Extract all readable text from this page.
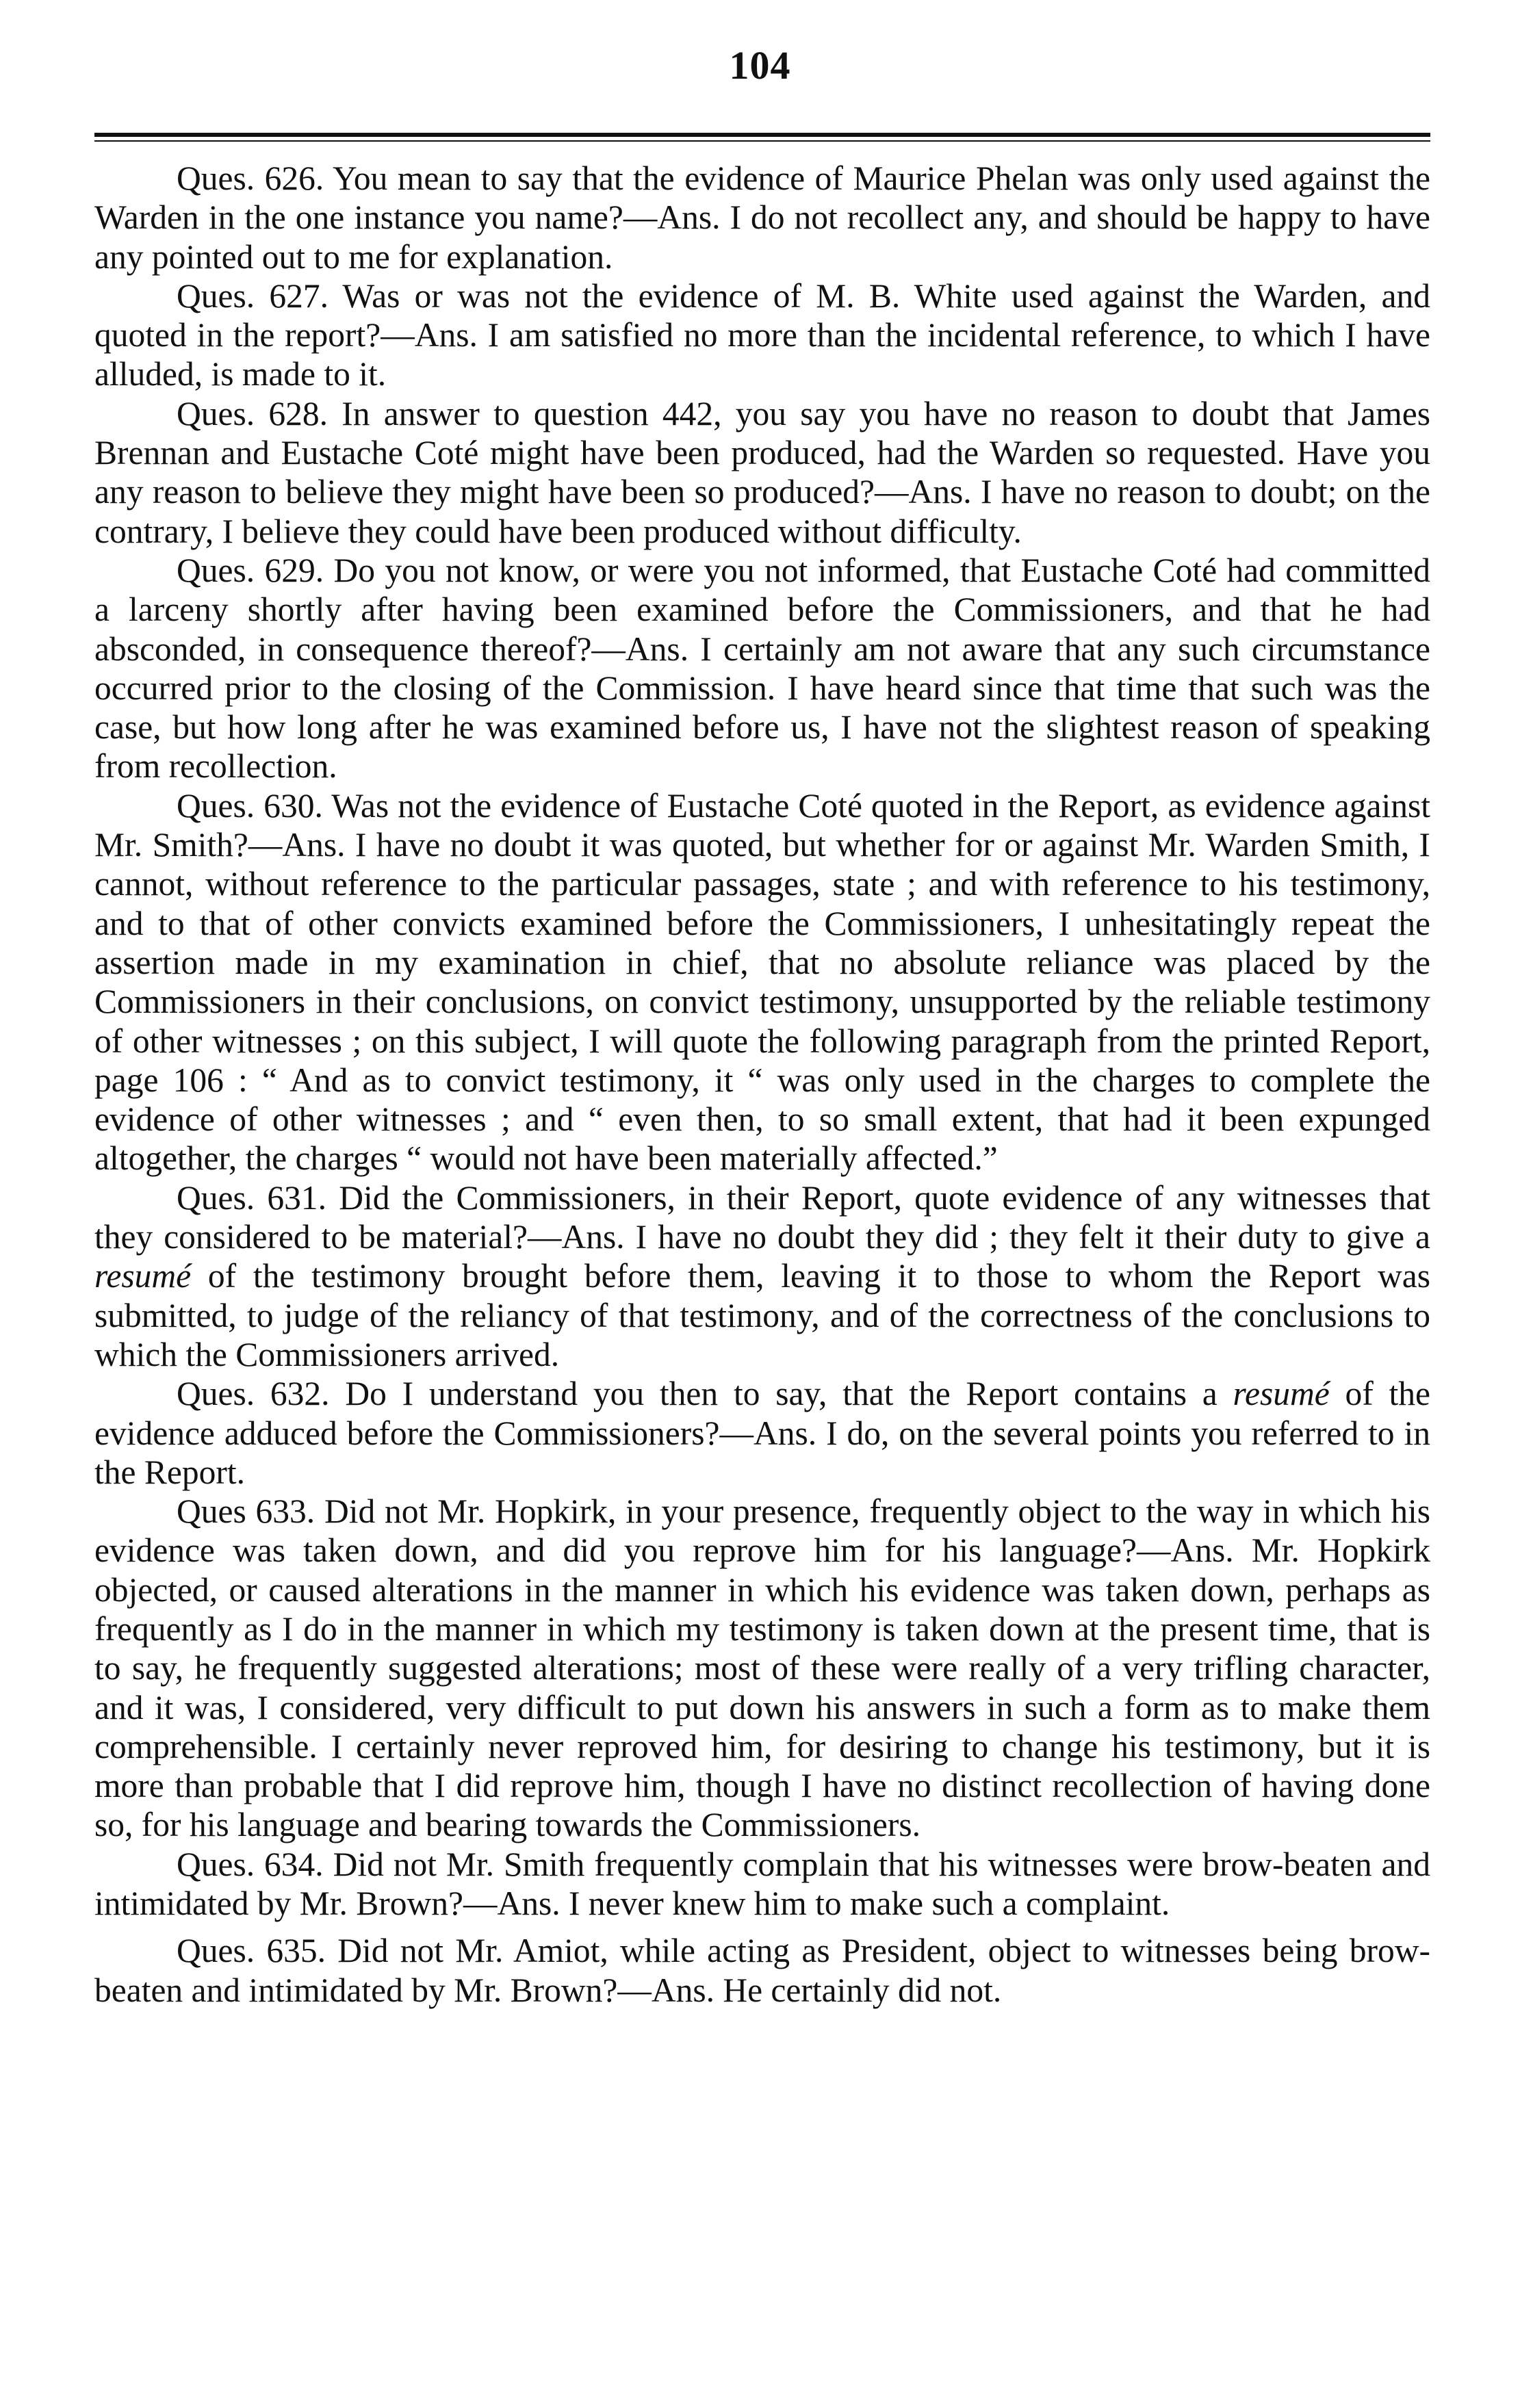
104

Ques. 626. You mean to say that the evidence of Maurice Phelan was only used against the Warden in the one instance you name?—Ans. I do not recollect any, and should be happy to have any pointed out to me for explanation.

Ques. 627. Was or was not the evidence of M. B. White used against the Warden, and quoted in the report?—Ans. I am satisfied no more than the incidental reference, to which I have alluded, is made to it.

Ques. 628. In answer to question 442, you say you have no reason to doubt that James Brennan and Eustache Coté might have been produced, had the Warden so requested. Have you any reason to believe they might have been so produced?—Ans. I have no reason to doubt; on the contrary, I believe they could have been produced without difficulty.

Ques. 629. Do you not know, or were you not informed, that Eustache Coté had committed a larceny shortly after having been examined before the Commissioners, and that he had absconded, in consequence thereof?—Ans. I certainly am not aware that any such circumstance occurred prior to the closing of the Commission. I have heard since that time that such was the case, but how long after he was examined before us, I have not the slightest reason of speaking from recollection.

Ques. 630. Was not the evidence of Eustache Coté quoted in the Report, as evidence against Mr. Smith?—Ans. I have no doubt it was quoted, but whether for or against Mr. Warden Smith, I cannot, without reference to the particular passages, state ; and with reference to his testimony, and to that of other convicts examined before the Commissioners, I unhesitatingly repeat the assertion made in my examination in chief, that no absolute reliance was placed by the Commissioners in their conclusions, on convict testimony, unsupported by the reliable testimony of other witnesses ; on this subject, I will quote the following paragraph from the printed Report, page 106 : “ And as to convict testimony, it “ was only used in the charges to complete the evidence of other witnesses ; and “ even then, to so small extent, that had it been expunged altogether, the charges “ would not have been materially affected.”

Ques. 631. Did the Commissioners, in their Report, quote evidence of any witnesses that they considered to be material?—Ans. I have no doubt they did ; they felt it their duty to give a resumé of the testimony brought before them, leaving it to those to whom the Report was submitted, to judge of the reliancy of that testimony, and of the correctness of the conclusions to which the Commissioners arrived.

Ques. 632. Do I understand you then to say, that the Report contains a resumé of the evidence adduced before the Commissioners?—Ans. I do, on the several points you referred to in the Report.

Ques 633. Did not Mr. Hopkirk, in your presence, frequently object to the way in which his evidence was taken down, and did you reprove him for his language?—Ans. Mr. Hopkirk objected, or caused alterations in the manner in which his evidence was taken down, perhaps as frequently as I do in the manner in which my testimony is taken down at the present time, that is to say, he frequently suggested alterations; most of these were really of a very trifling character, and it was, I considered, very difficult to put down his answers in such a form as to make them comprehensible. I certainly never reproved him, for desiring to change his testimony, but it is more than probable that I did reprove him, though I have no distinct recollection of having done so, for his language and bearing towards the Commissioners.

Ques. 634. Did not Mr. Smith frequently complain that his witnesses were brow-beaten and intimidated by Mr. Brown?—Ans. I never knew him to make such a complaint.

Ques. 635. Did not Mr. Amiot, while acting as President, object to witnesses being brow-beaten and intimidated by Mr. Brown?—Ans. He certainly did not.
